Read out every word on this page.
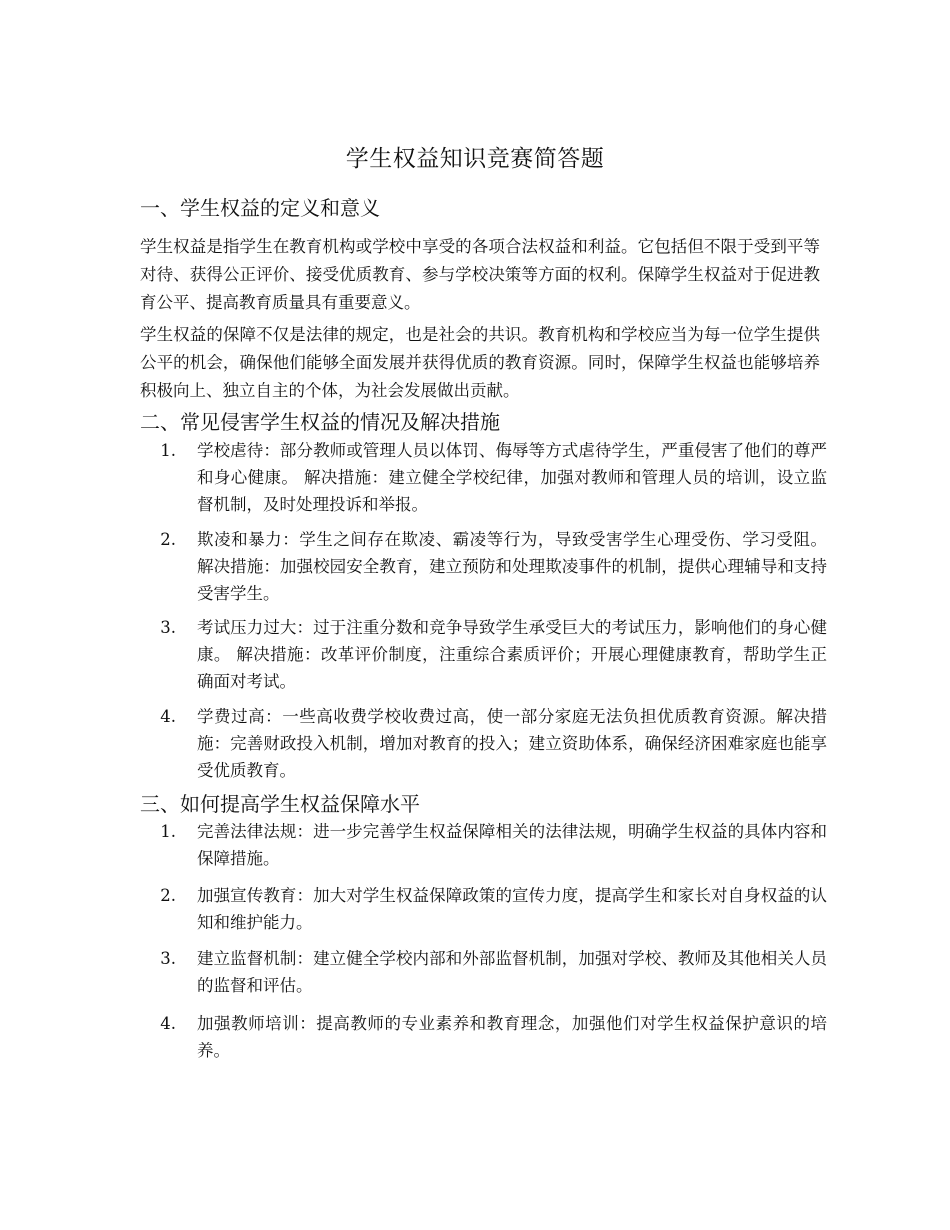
学生权益知识竞赛简答题
一、学生权益的定义和意义

学生权益是指学生在教育机构或学校中享受的各项合法权益和利益。它包括但不限于受到平等对待、获得公正评价、接受优质教育、参与学校决策等方面的权利。保障学生权益对于促进教育公平、提高教育质量具有重要意义。

学生权益的保障不仅是法律的规定，也是社会的共识。教育机构和学校应当为每一位学生提供公平的机会，确保他们能够全面发展并获得优质的教育资源。同时，保障学生权益也能够培养积极向上、独立自主的个体，为社会发展做出贡献。

二、常见侵害学生权益的情况及解决措施
1. 学校虐待：部分教师或管理人员以体罚、侮辱等方式虐待学生，严重侵害了他们的尊严和身心健康。 解决措施：建立健全学校纪律，加强对教师和管理人员的培训，设立监督机制，及时处理投诉和举报。
2. 欺凌和暴力：学生之间存在欺凌、霸凌等行为，导致受害学生心理受伤、学习受阻。 解决措施：加强校园安全教育，建立预防和处理欺凌事件的机制，提供心理辅导和支持受害学生。
3. 考试压力过大：过于注重分数和竞争导致学生承受巨大的考试压力，影响他们的身心健康。 解决措施：改革评价制度，注重综合素质评价；开展心理健康教育，帮助学生正确面对考试。
4. 学费过高：一些高收费学校收费过高，使一部分家庭无法负担优质教育资源。解决措施：完善财政投入机制，增加对教育的投入；建立资助体系，确保经济困难家庭也能享受优质教育。
三、如何提高学生权益保障水平
1. 完善法律法规：进一步完善学生权益保障相关的法律法规，明确学生权益的具体内容和保障措施。
2. 加强宣传教育：加大对学生权益保障政策的宣传力度，提高学生和家长对自身权益的认知和维护能力。
3. 建立监督机制：建立健全学校内部和外部监督机制，加强对学校、教师及其他相关人员的监督和评估。
4. 加强教师培训：提高教师的专业素养和教育理念，加强他们对学生权益保护意识的培养。
